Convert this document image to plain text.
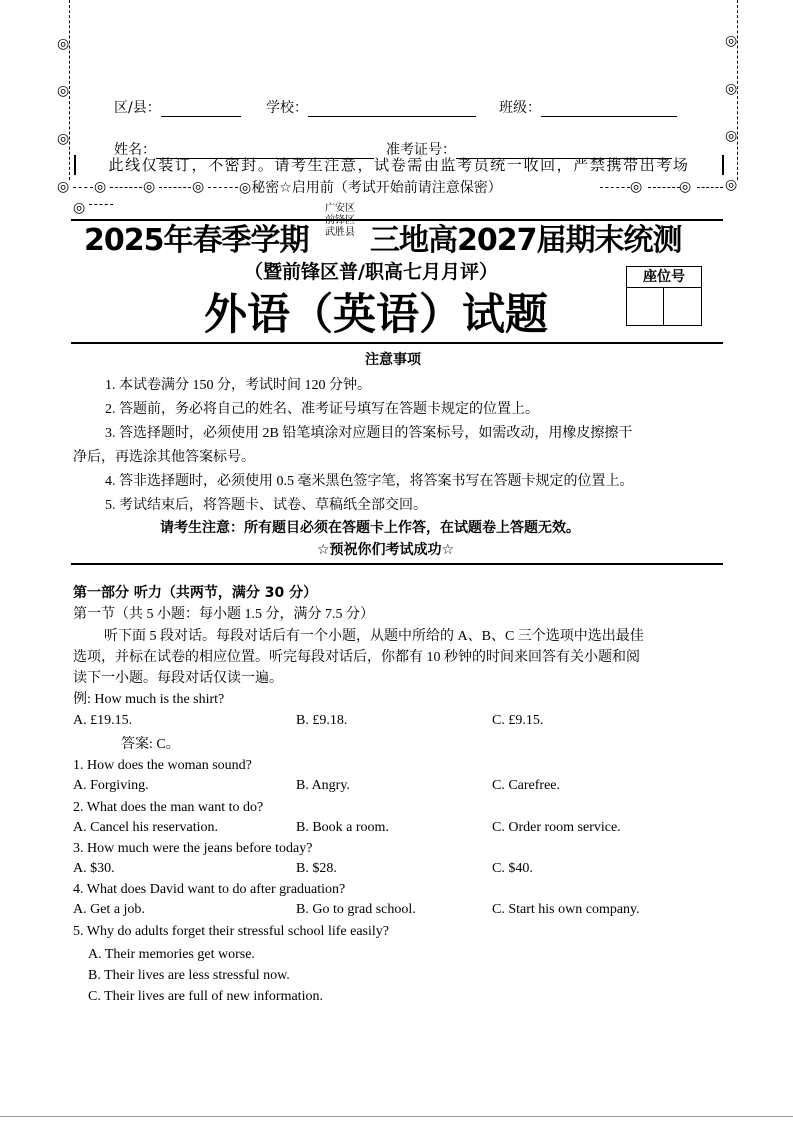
◎
◎
◎
◎
◎
◎
◎
◎
区/县：	学校：	班级：
姓名：	准考证号：
此线仅装订，不密封。请考生注意，试卷需由监考员统一收回，严禁携带出考场
◎	◎	◎	◎	◎
◎秘密☆启用前（考试开始前请注意保密）
◎
2025年春季学期
广安区
前锋区
武胜县 三地高2027届期末统测
（暨前锋区普/职高七月月评）	座位号
外语（英语）试题
注意事项

1. 本试卷满分 150 分，考试时间 120 分钟。

2. 答题前，务必将自己的姓名、准考证号填写在答题卡规定的位置上。

3. 答选择题时，必须使用 2B 铅笔填涂对应题目的答案标号，如需改动，用橡皮擦擦干

净后，再选涂其他答案标号。

4. 答非选择题时，必须使用 0.5 毫米黑色签字笔，将答案书写在答题卡规定的位置上。

5. 考试结束后，将答题卡、试卷、草稿纸全部交回。

请考生注意：所有题目必须在答题卡上作答，在试题卷上答题无效。
☆预祝你们考试成功☆
第一部分 听力（共两节，满分 30 分）
第一节（共 5 小题：每小题 1.5 分，满分 7.5 分）
听下面 5 段对话。每段对话后有一个小题，从题中所给的 A、B、C 三个选项中选出最佳
选项，并标在试卷的相应位置。听完每段对话后，你都有 10 秒钟的时间来回答有关小题和阅
读下一小题。每段对话仅读一遍。
例: How much is the shirt?
A. £19.15.	B. £9.18.	C. £9.15.
答案: C。
1. How does the woman sound?
A. Forgiving.	B. Angry.	C. Carefree.
2. What does the man want to do?
A. Cancel his reservation.	B. Book a room.	C. Order room service.
3. How much were the jeans before today?
A. $30.	B. $28.	C. $40.
4. What does David want to do after graduation?
A. Get a job.	B. Go to grad school.	C. Start his own company.
5. Why do adults forget their stressful school life easily?
A. Their memories get worse.
B. Their lives are less stressful now.
C. Their lives are full of new information.
